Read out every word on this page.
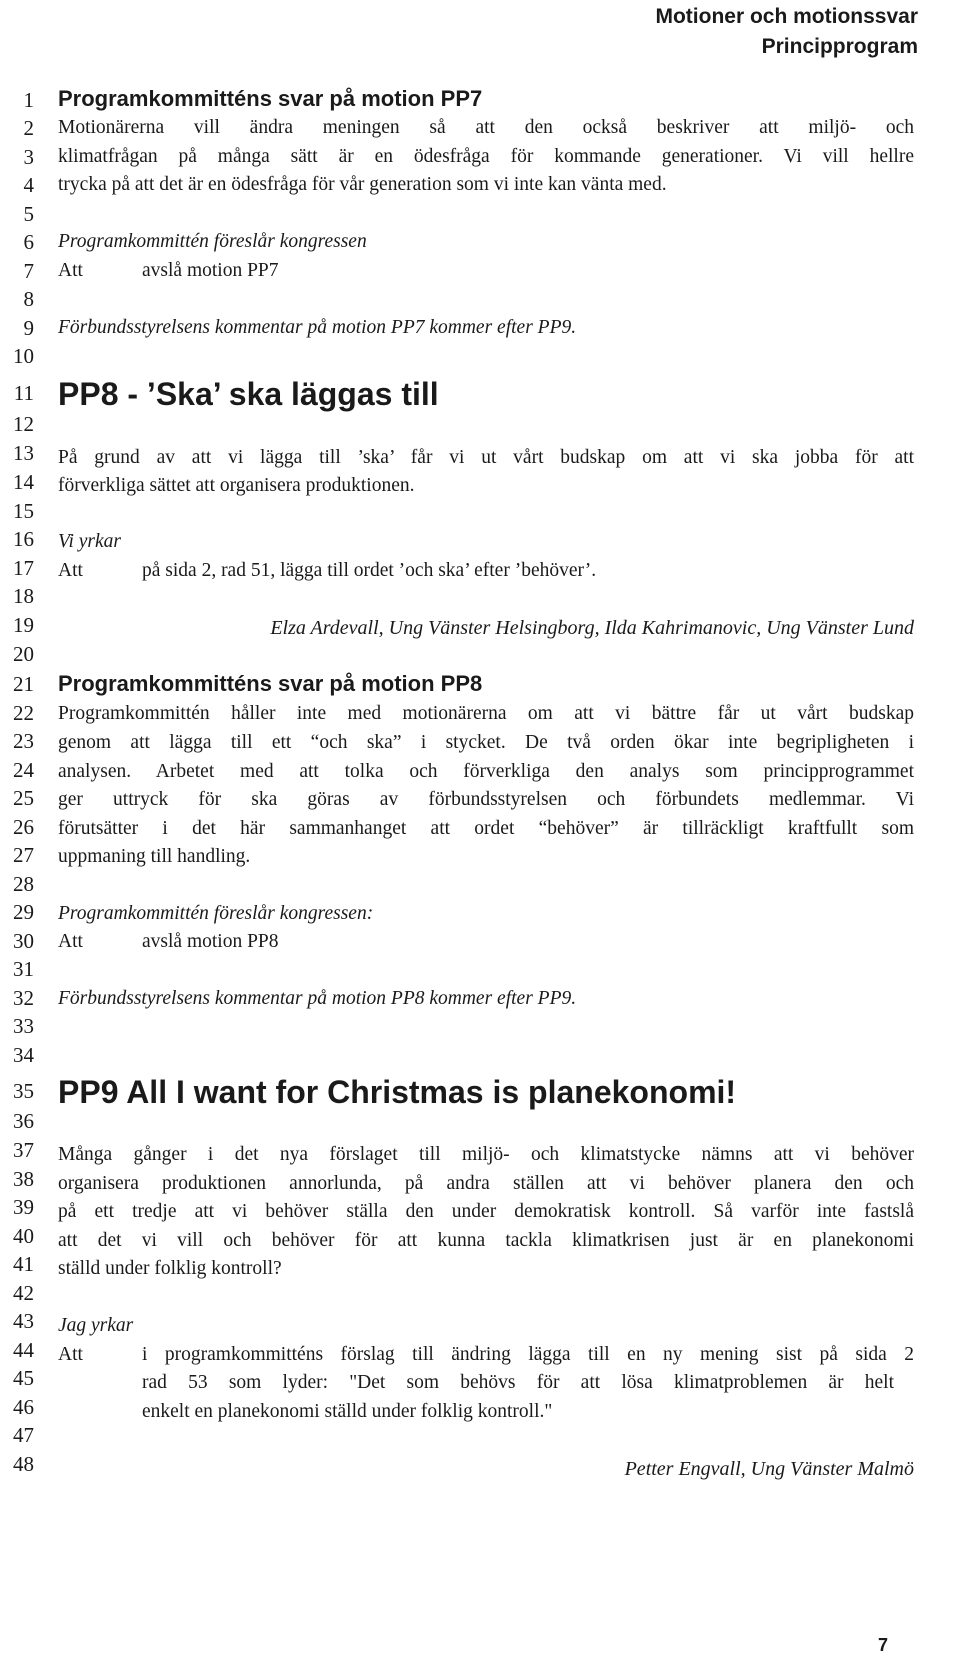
Motioner och motionssvar
Principprogram
1
2
3
4
5
6
7
8
9
10
11
12
13
14
15
16
17
18
19
20
21
22
23
24
25
26
27
28
29
30
31
32
33
34
35
36
37
38
39
40
41
42
43
44
45
46
47
48
Programkommitténs svar på motion PP7
Motionärerna vill ändra meningen så att den också beskriver att miljö- och
klimatfrågan på många sätt är en ödesfråga för kommande generationer. Vi vill hellre
trycka på att det är en ödesfråga för vår generation som vi inte kan vänta med.
Programkommittén föreslår kongressen
Att	avslå motion PP7
Förbundsstyrelsens kommentar på motion PP7 kommer efter PP9.
PP8 - ’Ska’ ska läggas till
På grund av att vi lägga till ’ska’ får vi ut vårt budskap om att vi ska jobba för att
förverkliga sättet att organisera produktionen.
Vi yrkar
Att	på sida 2, rad 51, lägga till ordet ’och ska’ efter ’behöver’.
Elza Ardevall, Ung Vänster Helsingborg, Ilda Kahrimanovic, Ung Vänster Lund
Programkommitténs svar på motion PP8
Programkommittén håller inte med motionärerna om att vi bättre får ut vårt budskap
genom att lägga till ett “och ska” i stycket. De två orden ökar inte begripligheten i
analysen. Arbetet med att tolka och förverkliga den analys som principprogrammet
ger uttryck för ska göras av förbundsstyrelsen och förbundets medlemmar. Vi
förutsätter i det här sammanhanget att ordet “behöver” är tillräckligt kraftfullt som
uppmaning till handling.
Programkommittén föreslår kongressen:
Att	avslå motion PP8
Förbundsstyrelsens kommentar på motion PP8 kommer efter PP9.
PP9 All I want for Christmas is planekonomi!
Många gånger i det nya förslaget till miljö- och klimatstycke nämns att vi behöver
organisera produktionen annorlunda, på andra ställen att vi behöver planera den och
på ett tredje att vi behöver ställa den under demokratisk kontroll. Så varför inte fastslå
att det vi vill och behöver för att kunna tackla klimatkrisen just är en planekonomi
ställd under folklig kontroll?
Jag yrkar
Att	i programkommitténs förslag till ändring lägga till en ny mening sist på sida 2
rad 53 som lyder: "Det som behövs för att lösa klimatproblemen är helt
enkelt en planekonomi ställd under folklig kontroll."
Petter Engvall, Ung Vänster Malmö
7
